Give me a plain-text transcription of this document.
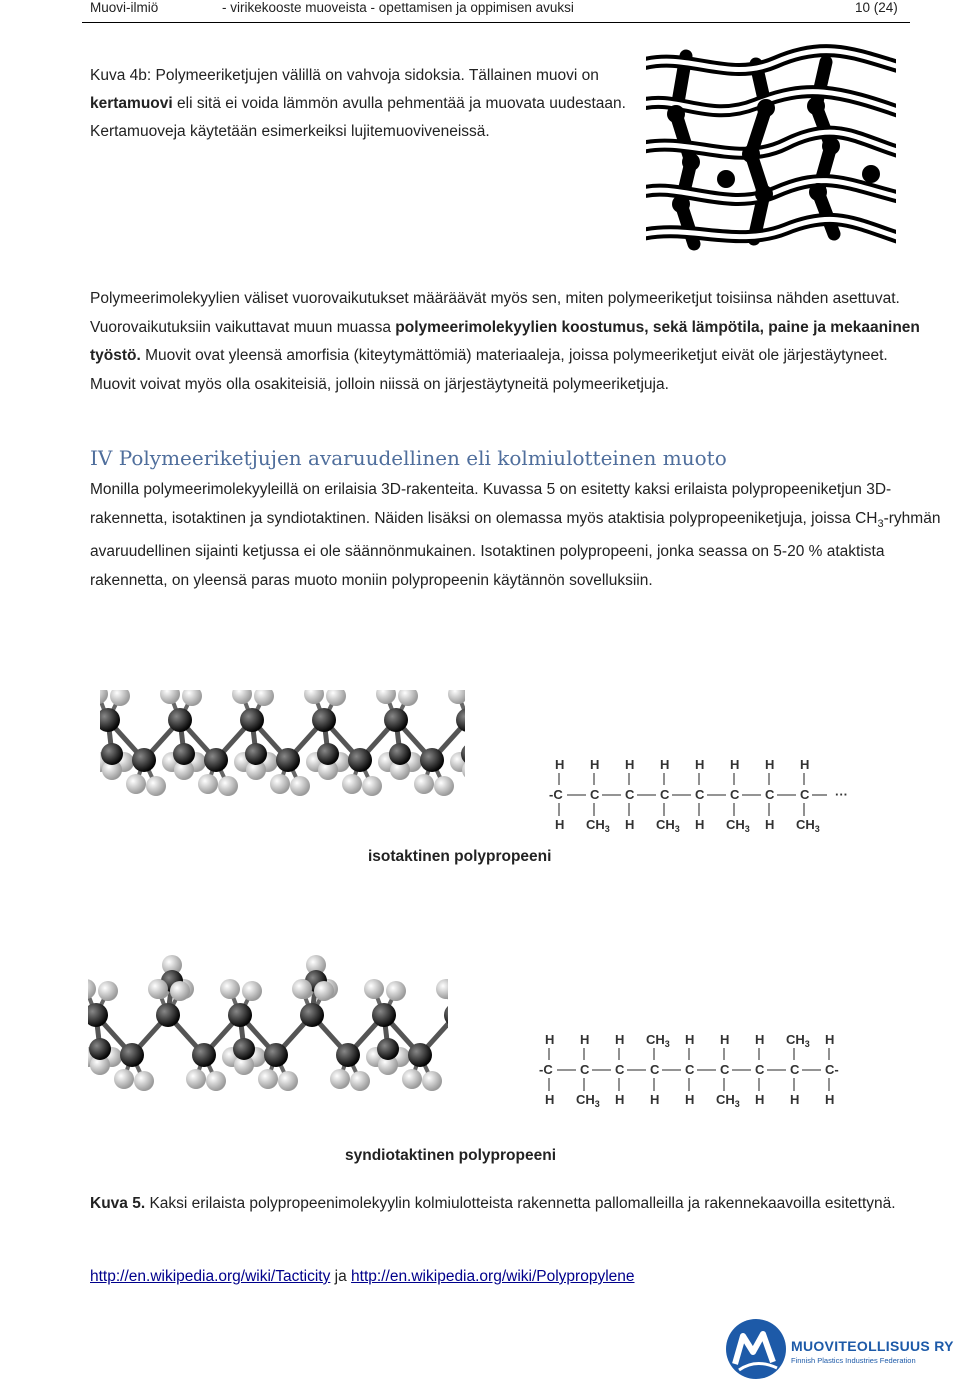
Muovi-ilmiö	- virikekooste muoveista - opettamisen ja oppimisen avuksi	10 (24)
Kuva 4b: Polymeeriketjujen välillä on vahvoja sidoksia. Tällainen muovi on kertamuovi eli sitä ei voida lämmön avulla pehmentää ja muovata uudestaan. Kertamuoveja käytetään esimerkeiksi lujitemuoviveneissä.
Polymeerimolekyylien väliset vuorovaikutukset määräävät myös sen, miten polymeeriketjut toisiinsa nähden asettuvat. Vuorovaikutuksiin vaikuttavat muun muassa polymeerimolekyylien koostumus, sekä lämpötila, paine ja mekaaninen työstö. Muovit ovat yleensä amorfisia (kiteytymättömiä) materiaaleja, joissa polymeeriketjut eivät ole järjestäytyneet. Muovit voivat myös olla osakiteisiä, jolloin niissä on järjestäytyneitä polymeeriketjuja.
IV Polymeeriketjujen avaruudellinen eli kolmiulotteinen muoto
Monilla polymeerimolekyyleillä on erilaisia 3D-rakenteita. Kuvassa 5 on esitetty kaksi erilaista polypropeeniketjun 3D-rakennetta, isotaktinen ja syndiotaktinen. Näiden lisäksi on olemassa myös ataktisia polypropeeniketjuja, joissa $CH_3$-ryhmän avaruudellinen sijainti ketjussa ei ole säännönmukainen. Isotaktinen polypropeeni, jonka seassa on 5-20 % ataktista rakennetta, on yleensä paras muoto moniin polypropeenin käytännön sovelluksiin.
-C C C C C C C C ···
H H H H H H H H
H $CH_3$ H $CH_3$ H $CH_3$ H $CH_3$
isotaktinen polypropeeni
-C C C C C C C C C-
H H H $CH_3$ H H H $CH_3$ H
H $CH_3$ H H H $CH_3$ H H H
syndiotaktinen polypropeeni
Kuva 5. Kaksi erilaista polypropeenimolekyylin kolmiulotteista rakennetta pallomalleilla ja rakennekaavoilla esitettynä.
http://en.wikipedia.org/wiki/Tacticity ja http://en.wikipedia.org/wiki/Polypropylene
MUOVITEOLLISUUS RY
Finnish Plastics Industries Federation
